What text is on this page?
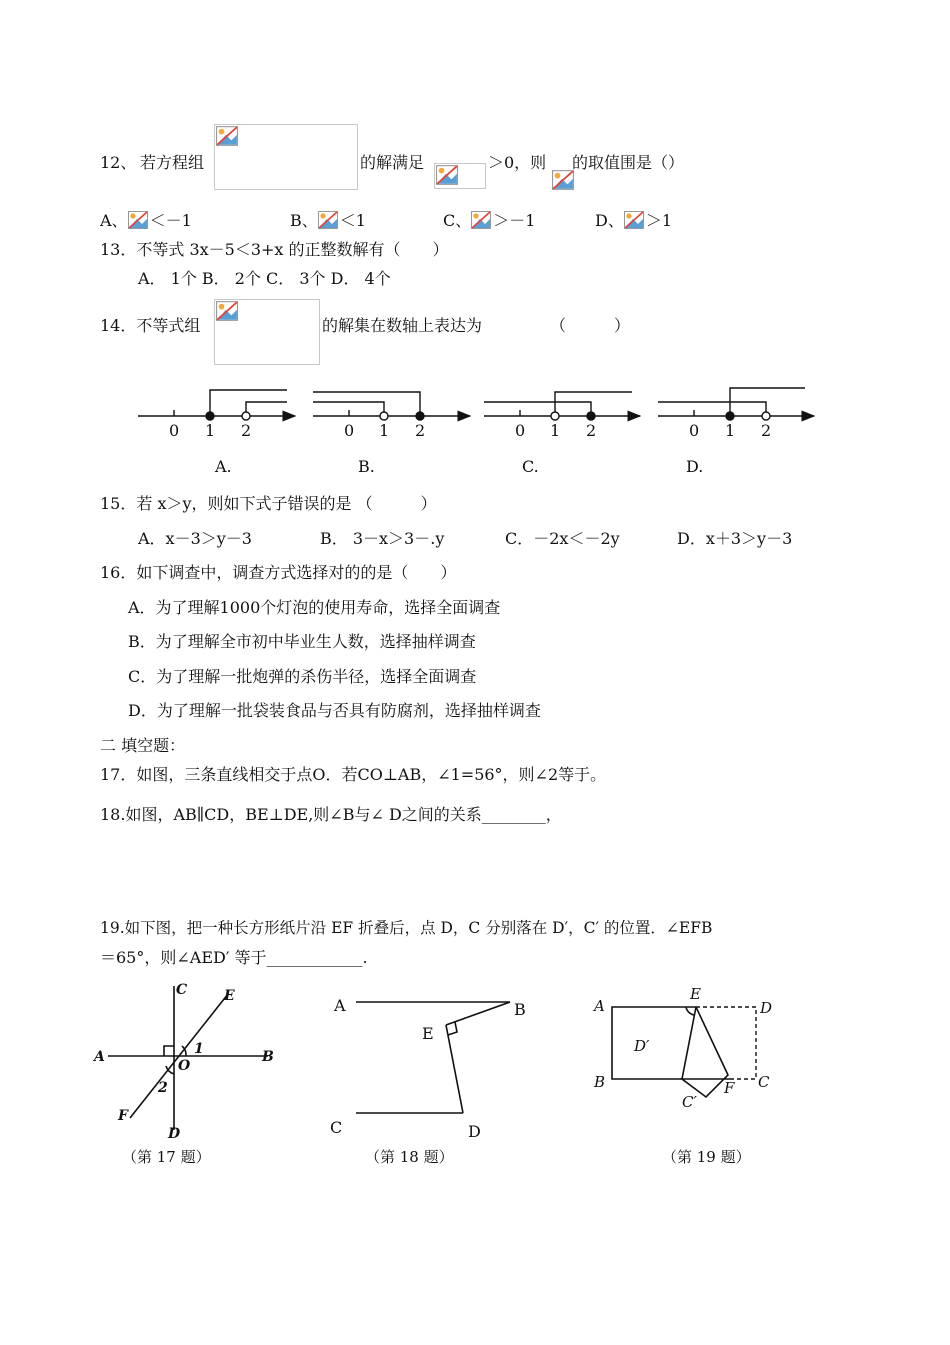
12、 若方程组	的解满足	＞0，则 的取值围是（）
A、 ＜－1	B、 ＜1	C、 ＞－1	D、 ＞1
13．不等式 3x－5＜3+x 的正整数解有（　　）
A． 1个 B． 2个 C． 3个 D． 4个
14．不等式组	的解集在数轴上表达为	（　　　）
0 1 2	0 1 2	0 1 2	0 1 2
A.	B.	C.	D.
15．若 x＞y，则如下式子错误的是 （　　　）
A．x－3＞y－3	B． 3－x＞3－.y	C．－2x＜－2y	D．x＋3＞y－3
16．如下调查中，调查方式选择对的的是（　　）
A．为了理解1000个灯泡的使用寿命，选择全面调查
B．为了理解全市初中毕业生人数，选择抽样调查
C．为了理解一批炮弹的杀伤半径，选择全面调查
D．为了理解一批袋装食品与否具有防腐剂，选择抽样调查
二 填空题：
17．如图，三条直线相交于点O．若CO⊥AB，∠1=56°，则∠2等于。
18.如图，AB∥CD，BE⊥DE,则∠B与∠ D之间的关系________，
19.如下图，把一种长方形纸片沿 EF 折叠后，点 D，C 分别落在 D′，C′ 的位置．∠EFB
＝65°，则∠AED′ 等于____________.
C	E
A	B
O
1
2
F
D
（第 17 题）
A	B
E
C	D
（第 18 题）
A
E
D
D′
B	C
F
C′
（第 19 题）
